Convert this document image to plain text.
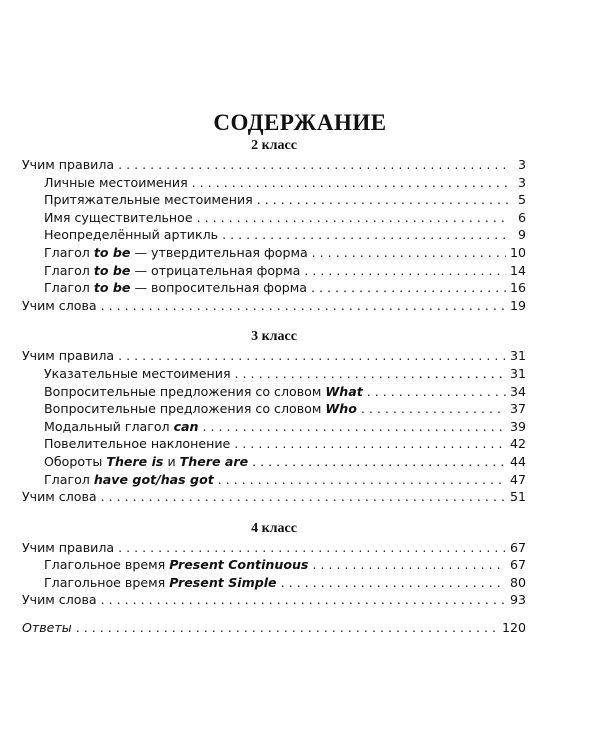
СОДЕРЖАНИЕ
2 класс
Учим правила . . .	3
Личные местоимения . . .	3
Притяжательные местоимения . . .	5
Имя существительное . . .	6
Неопределённый артикль . . .	9
Глагол to be — утвердительная форма . . .	10
Глагол to be — отрицательная форма . . .	14
Глагол to be — вопросительная форма . . .	16
Учим слова . . .	19
3 класс
Учим правила . . .	31
Указательные местоимения . . .	31
Вопросительные предложения со словом What . . .	34
Вопросительные предложения со словом Who . . .	37
Модальный глагол can . . .	39
Повелительное наклонение . . .	42
Обороты There is и There are . . .	44
Глагол have got/has got . . .	47
Учим слова . . .	51
4 класс
Учим правила . . .	67
Глагольное время Present Continuous . . .	67
Глагольное время Present Simple . . .	80
Учим слова . . .	93
Ответы . . .	120
